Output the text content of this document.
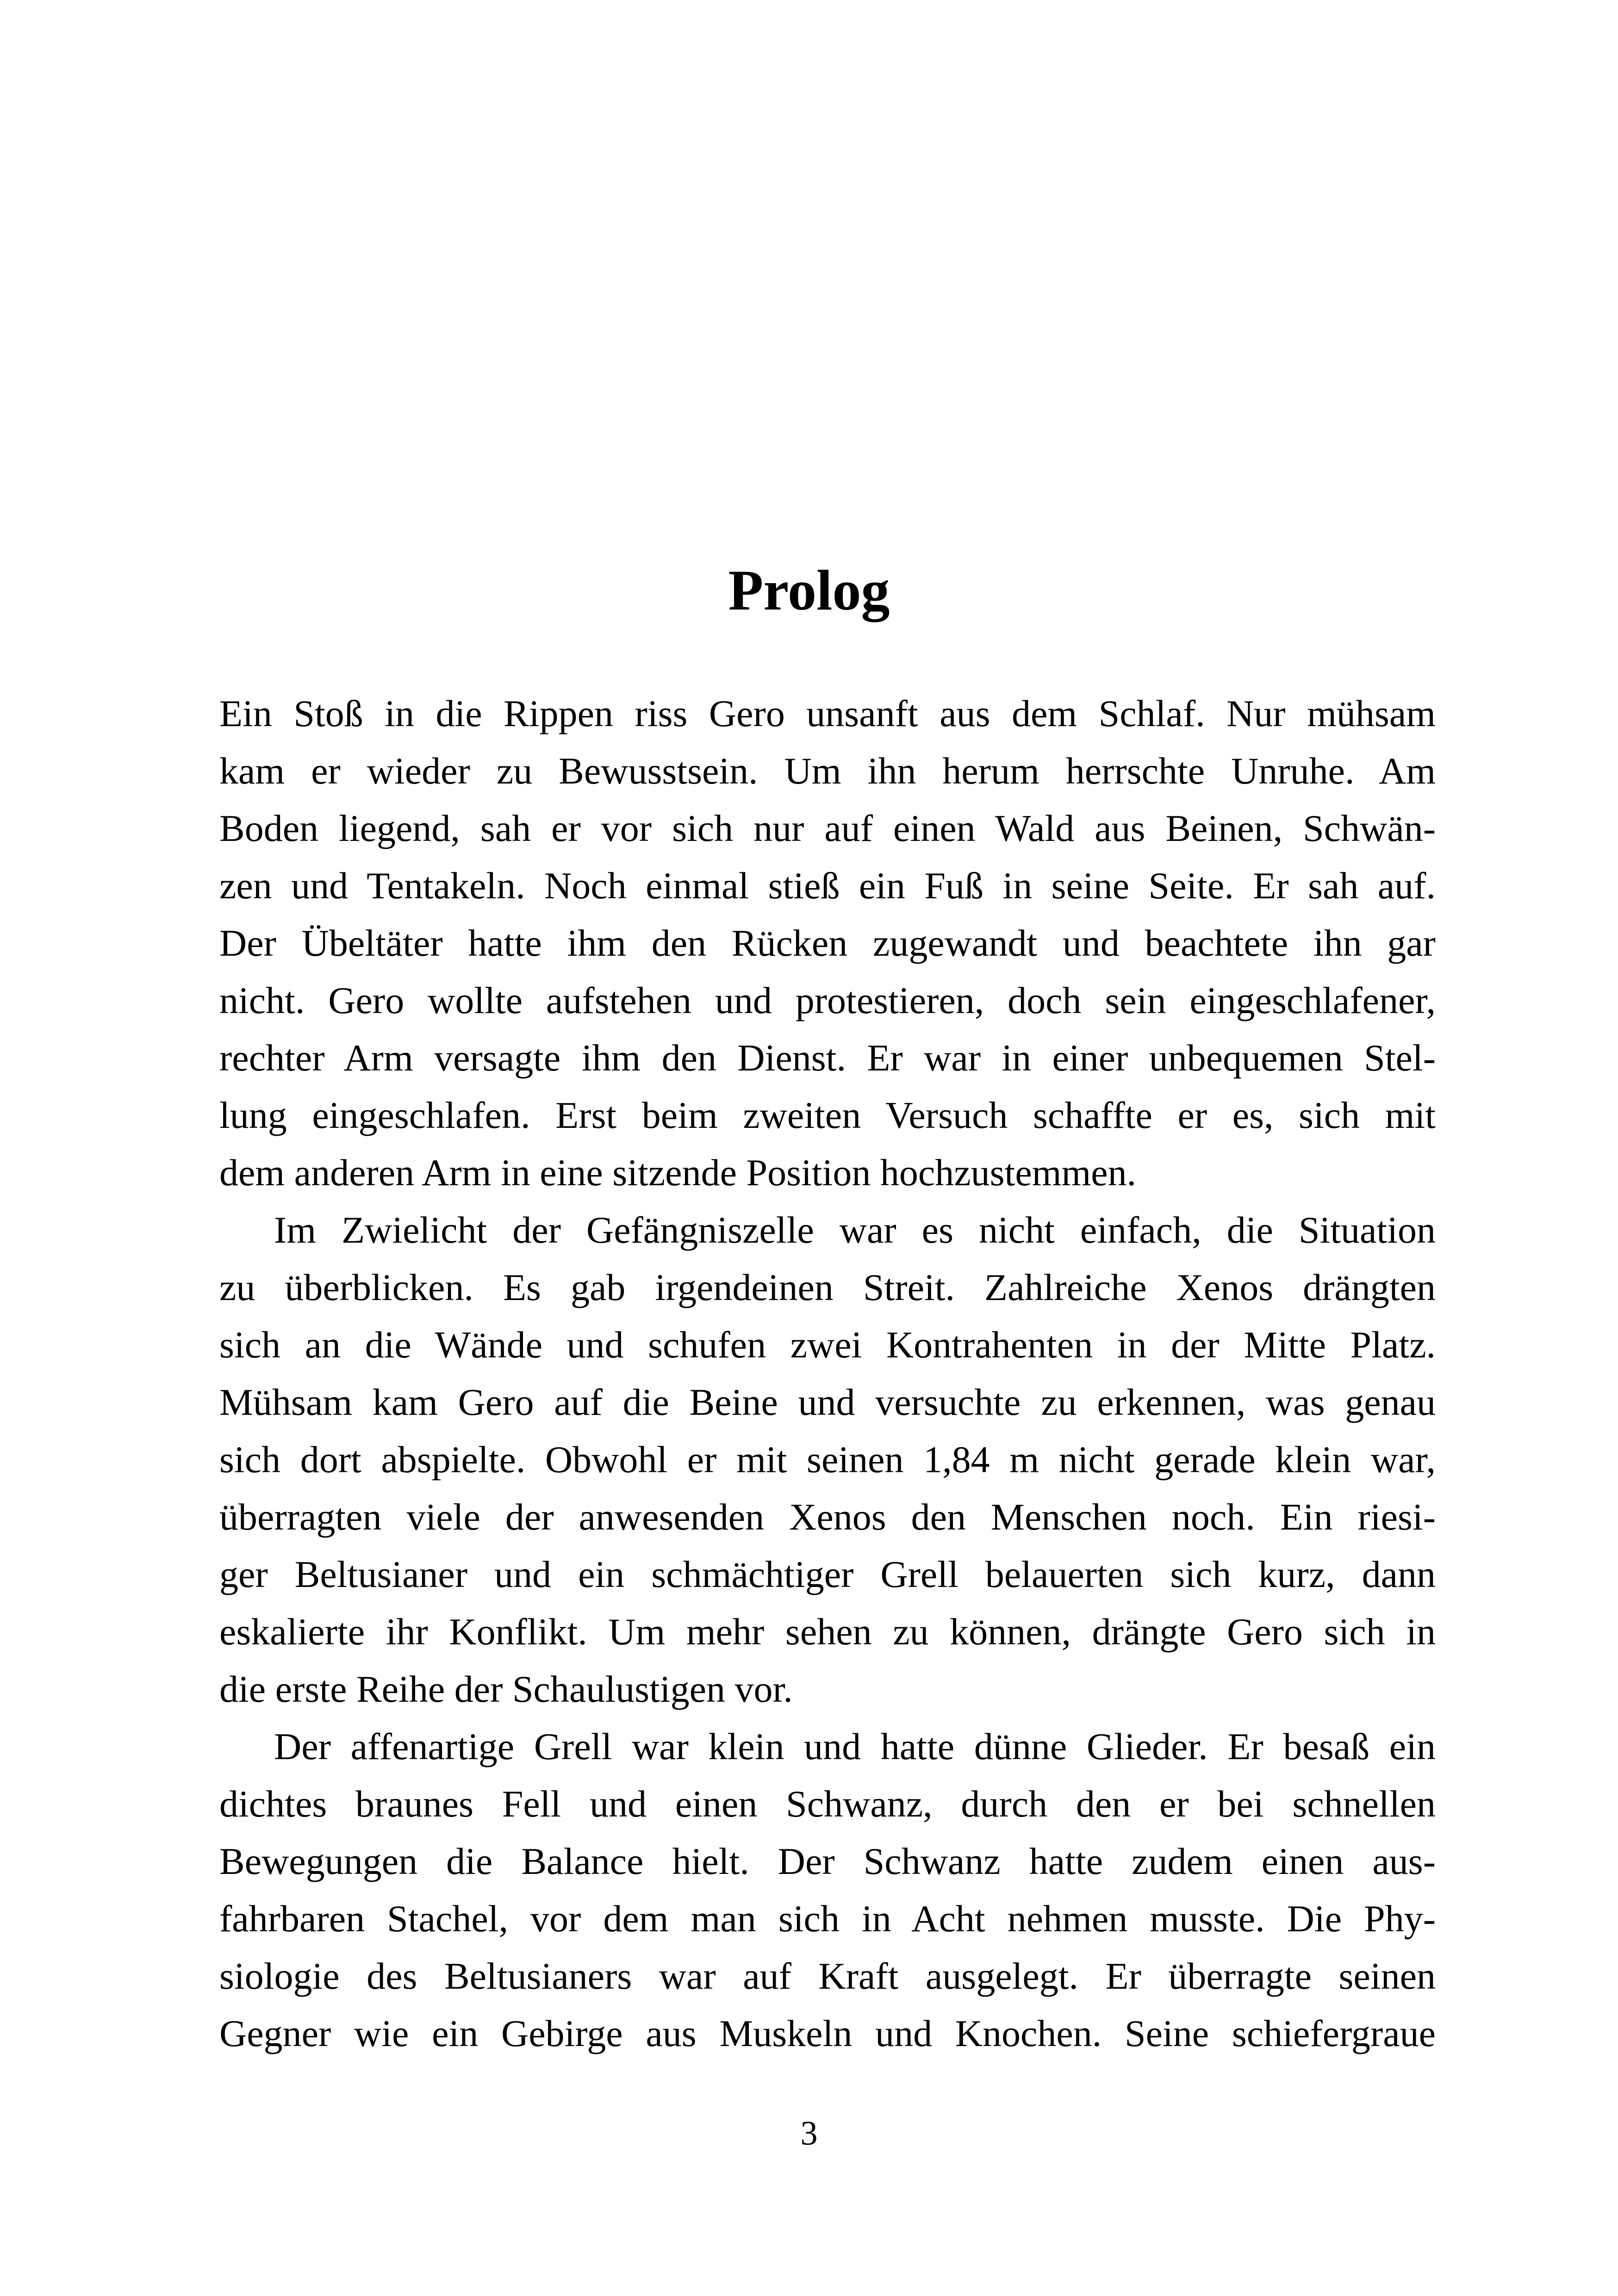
Prolog
Ein Stoß in die Rippen riss Gero unsanft aus dem Schlaf. Nur mühsam
kam er wieder zu Bewusstsein. Um ihn herum herrschte Unruhe. Am
Boden liegend, sah er vor sich nur auf einen Wald aus Beinen, Schwän-
zen und Tentakeln. Noch einmal stieß ein Fuß in seine Seite. Er sah auf.
Der Übeltäter hatte ihm den Rücken zugewandt und beachtete ihn gar
nicht. Gero wollte aufstehen und protestieren, doch sein eingeschlafener,
rechter Arm versagte ihm den Dienst. Er war in einer unbequemen Stel-
lung eingeschlafen. Erst beim zweiten Versuch schaffte er es, sich mit
dem anderen Arm in eine sitzende Position hochzustemmen.
Im Zwielicht der Gefängniszelle war es nicht einfach, die Situation
zu überblicken. Es gab irgendeinen Streit. Zahlreiche Xenos drängten
sich an die Wände und schufen zwei Kontrahenten in der Mitte Platz.
Mühsam kam Gero auf die Beine und versuchte zu erkennen, was genau
sich dort abspielte. Obwohl er mit seinen 1,84 m nicht gerade klein war,
überragten viele der anwesenden Xenos den Menschen noch. Ein riesi-
ger Beltusianer und ein schmächtiger Grell belauerten sich kurz, dann
eskalierte ihr Konflikt. Um mehr sehen zu können, drängte Gero sich in
die erste Reihe der Schaulustigen vor.
Der affenartige Grell war klein und hatte dünne Glieder. Er besaß ein
dichtes braunes Fell und einen Schwanz, durch den er bei schnellen
Bewegungen die Balance hielt. Der Schwanz hatte zudem einen aus-
fahrbaren Stachel, vor dem man sich in Acht nehmen musste. Die Phy-
siologie des Beltusianers war auf Kraft ausgelegt. Er überragte seinen
Gegner wie ein Gebirge aus Muskeln und Knochen. Seine schiefergraue
3
